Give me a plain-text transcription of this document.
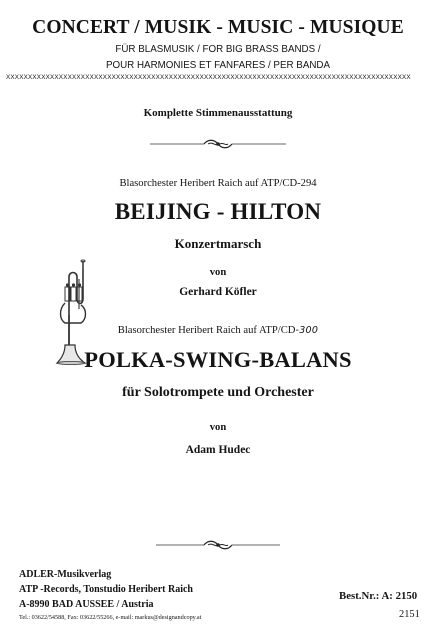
CONCERT / MUSIK - MUSIC - MUSIQUE
FÜR BLASMUSIK / FOR BIG BRASS BANDS /
POUR HARMONIES ET FANFARES / PER BANDA
XXXXXXXXXXXXXXXXXXXXXXXXXXXXXXXXXXXXXXXXXXXXXXXXXXXXXXXXXXXXXXXXXXXXXXXXXXXXXXXXXXXXXXXXXXXX
Komplette Stimmenausstattung
Blasorchester Heribert Raich auf ATP/CD-294
BEIJING - HILTON
Konzertmarsch
von
Gerhard Köfler
Blasorchester Heribert Raich auf ATP/CD-300
POLKA-SWING-BALANS
für Solotrompete und Orchester
von
Adam Hudec
ADLER-Musikverlag
ATP -Records, Tonstudio Heribert Raich
A-8990 BAD AUSSEE / Austria
Tel.: 03622/54588, Fax: 03622/55266, e-mail: markus@designandcopy.at
Best.Nr.: A: 2150
2151
